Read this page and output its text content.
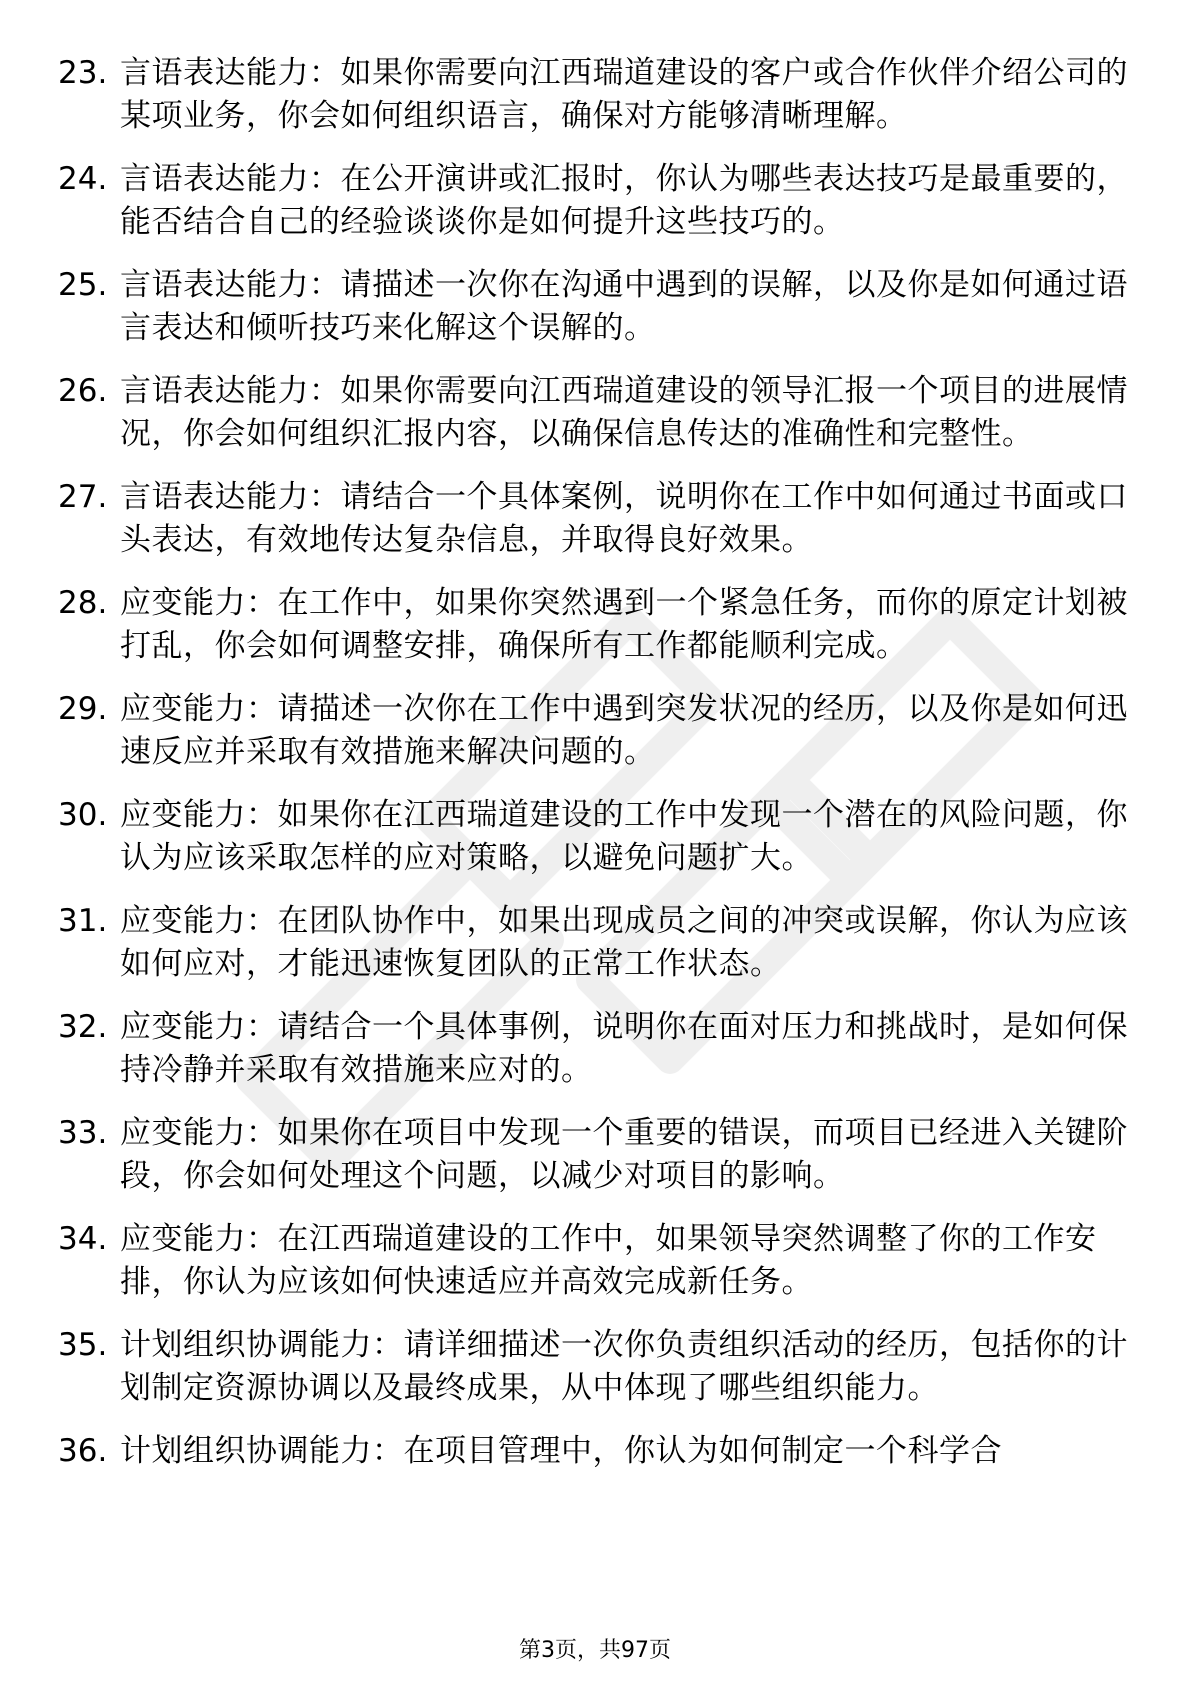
23. 言语表达能力：如果你需要向江西瑞道建设的客户或合作伙伴介绍公司的某项业务，你会如何组织语言，确保对方能够清晰理解。
24. 言语表达能力：在公开演讲或汇报时，你认为哪些表达技巧是最重要的，能否结合自己的经验谈谈你是如何提升这些技巧的。
25. 言语表达能力：请描述一次你在沟通中遇到的误解，以及你是如何通过语言表达和倾听技巧来化解这个误解的。
26. 言语表达能力：如果你需要向江西瑞道建设的领导汇报一个项目的进展情况，你会如何组织汇报内容，以确保信息传达的准确性和完整性。
27. 言语表达能力：请结合一个具体案例，说明你在工作中如何通过书面或口头表达，有效地传达复杂信息，并取得良好效果。
28. 应变能力：在工作中，如果你突然遇到一个紧急任务，而你的原定计划被打乱，你会如何调整安排，确保所有工作都能顺利完成。
29. 应变能力：请描述一次你在工作中遇到突发状况的经历，以及你是如何迅速反应并采取有效措施来解决问题的。
30. 应变能力：如果你在江西瑞道建设的工作中发现一个潜在的风险问题，你认为应该采取怎样的应对策略，以避免问题扩大。
31. 应变能力：在团队协作中，如果出现成员之间的冲突或误解，你认为应该如何应对，才能迅速恢复团队的正常工作状态。
32. 应变能力：请结合一个具体事例，说明你在面对压力和挑战时，是如何保持冷静并采取有效措施来应对的。
33. 应变能力：如果你在项目中发现一个重要的错误，而项目已经进入关键阶段，你会如何处理这个问题，以减少对项目的影响。
34. 应变能力：在江西瑞道建设的工作中，如果领导突然调整了你的工作安排，你认为应该如何快速适应并高效完成新任务。
35. 计划组织协调能力：请详细描述一次你负责组织活动的经历，包括你的计划制定资源协调以及最终成果，从中体现了哪些组织能力。
36. 计划组织协调能力：在项目管理中，你认为如何制定一个科学合
第3页，共97页
